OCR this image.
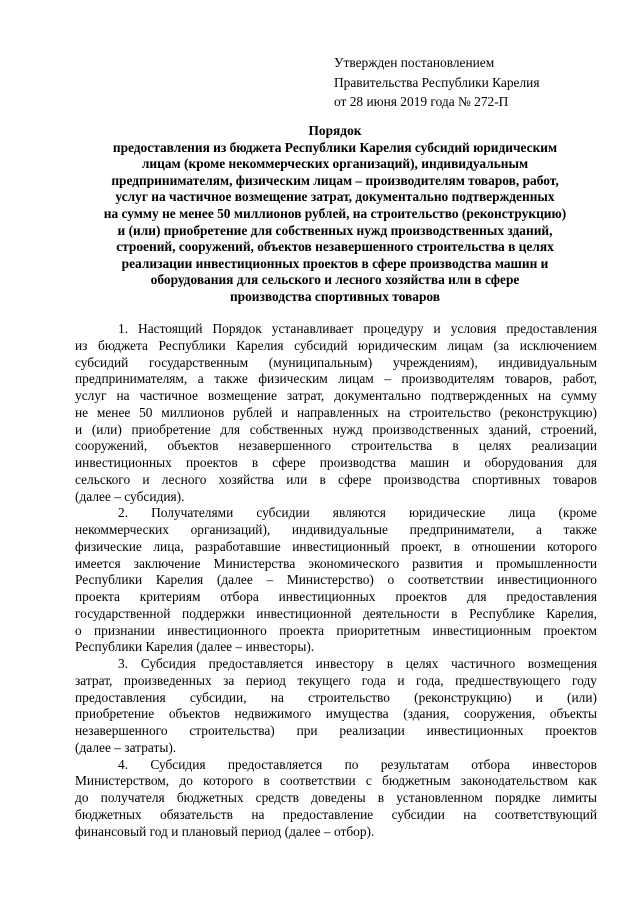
Утвержден постановлением
Правительства Республики Карелия
от 28 июня 2019 года № 272-П
Порядок
предоставления из бюджета Республики Карелия субсидий юридическим
лицам (кроме некоммерческих организаций), индивидуальным
предпринимателям, физическим лицам – производителям товаров, работ,
услуг на частичное возмещение затрат, документально подтвержденных
на сумму не менее 50 миллионов рублей, на строительство (реконструкцию)
и (или) приобретение для собственных нужд производственных зданий,
строений, сооружений, объектов незавершенного строительства в целях
реализации инвестиционных проектов в сфере производства машин и
оборудования для сельского и лесного хозяйства или в сфере
производства спортивных товаров
1. Настоящий Порядок устанавливает процедуру и условия предоставления
из бюджета Республики Карелия субсидий юридическим лицам (за исключением
субсидий государственным (муниципальным) учреждениям), индивидуальным
предпринимателям, а также физическим лицам – производителям товаров, работ,
услуг на частичное возмещение затрат, документально подтвержденных на сумму
не менее 50 миллионов рублей и направленных на строительство (реконструкцию)
и (или) приобретение для собственных нужд производственных зданий, строений,
сооружений, объектов незавершенного строительства в целях реализации
инвестиционных проектов в сфере производства машин и оборудования для
сельского и лесного хозяйства или в сфере производства спортивных товаров
(далее – субсидия).
2. Получателями субсидии являются юридические лица (кроме
некоммерческих организаций), индивидуальные предприниматели, а также
физические лица, разработавшие инвестиционный проект, в отношении которого
имеется заключение Министерства экономического развития и промышленности
Республики Карелия (далее – Министерство) о соответствии инвестиционного
проекта критериям отбора инвестиционных проектов для предоставления
государственной поддержки инвестиционной деятельности в Республике Карелия,
о признании инвестиционного проекта приоритетным инвестиционным проектом
Республики Карелия (далее – инвесторы).
3. Субсидия предоставляется инвестору в целях частичного возмещения
затрат, произведенных за период текущего года и года, предшествующего году
предоставления субсидии, на строительство (реконструкцию) и (или)
приобретение объектов недвижимого имущества (здания, сооружения, объекты
незавершенного строительства) при реализации инвестиционных проектов
(далее – затраты).
4. Субсидия предоставляется по результатам отбора инвесторов
Министерством, до которого в соответствии с бюджетным законодательством как
до получателя бюджетных средств доведены в установленном порядке лимиты
бюджетных обязательств на предоставление субсидии на соответствующий
финансовый год и плановый период (далее – отбор).
